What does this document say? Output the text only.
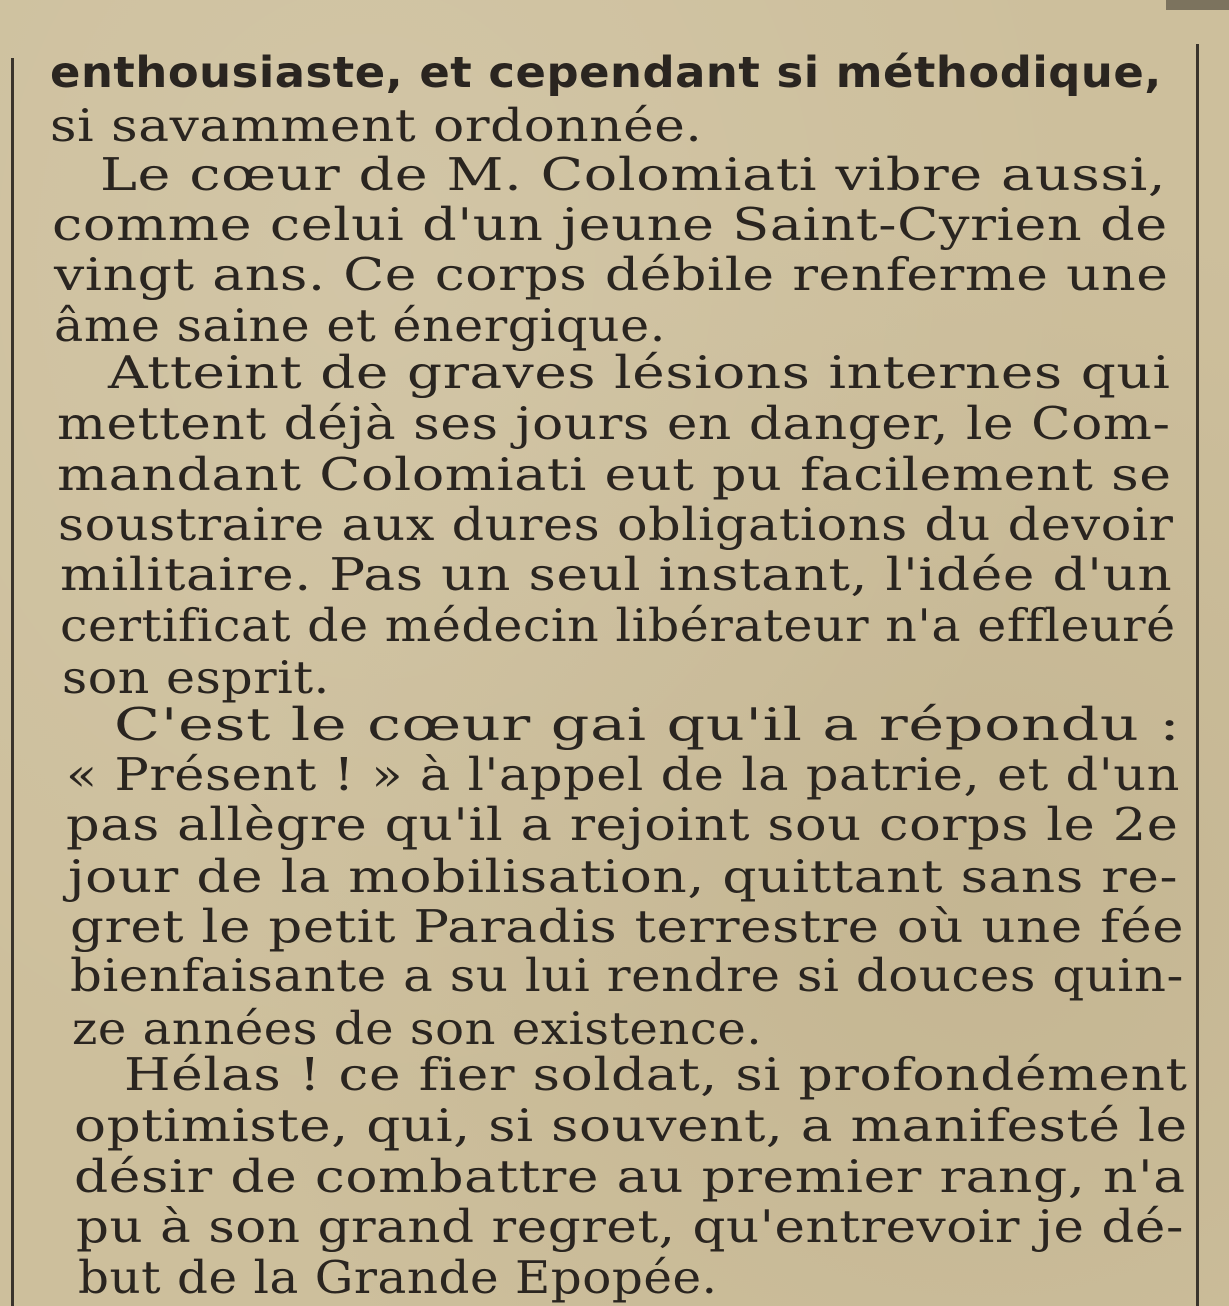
enthousiaste, et cependant si méthodique,
si savamment ordonnée.
Le cœur de M. Colomiati vibre aussi,
comme celui d'un jeune Saint-Cyrien de
vingt ans. Ce corps débile renferme une
âme saine et énergique.
Atteint de graves lésions internes qui
mettent déjà ses jours en danger, le Com-
mandant Colomiati eut pu facilement se
soustraire aux dures obligations du devoir
militaire. Pas un seul instant, l'idée d'un
certificat de médecin libérateur n'a effleuré
son esprit.
C'est le cœur gai qu'il a répondu :
« Présent ! » à l'appel de la patrie, et d'un
pas allègre qu'il a rejoint sou corps le 2e
jour de la mobilisation, quittant sans re-
gret le petit Paradis terrestre où une fée
bienfaisante a su lui rendre si douces quin-
ze années de son existence.
Hélas ! ce fier soldat, si profondément
optimiste, qui, si souvent, a manifesté le
désir de combattre au premier rang, n'a
pu à son grand regret, qu'entrevoir je dé-
but de la Grande Epopée.
